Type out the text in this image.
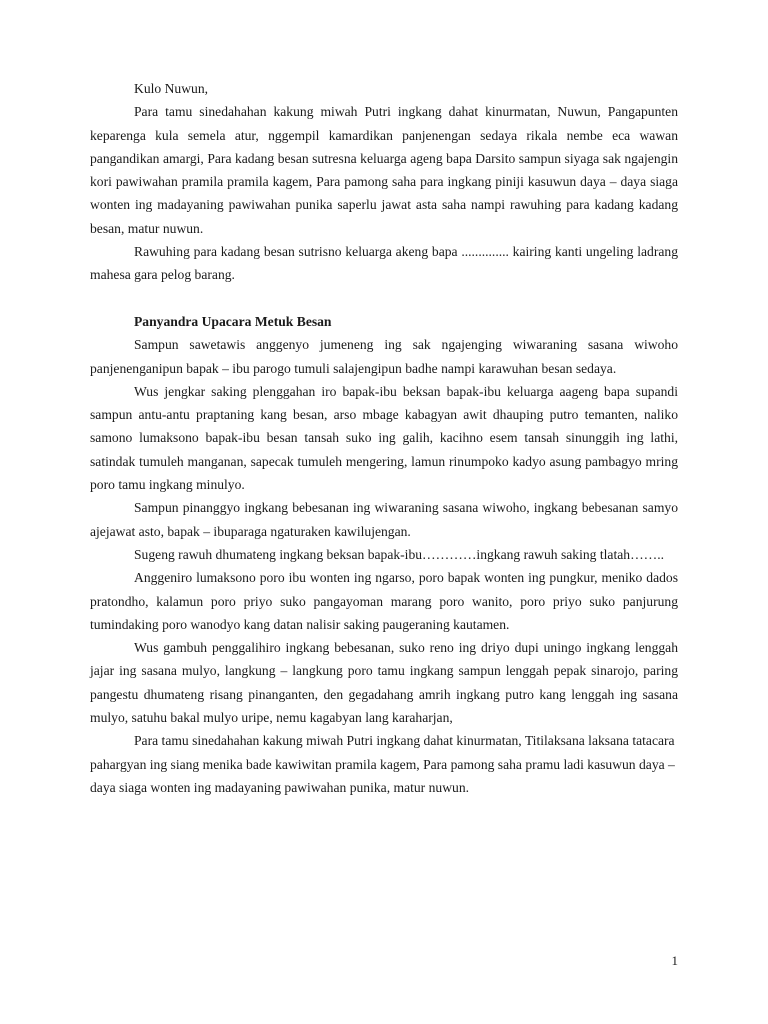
Kulo Nuwun,

Para tamu sinedahahan kakung miwah Putri ingkang dahat kinurmatan, Nuwun, Pangapunten keparenga kula semela atur, nggempil kamardikan panjenengan sedaya rikala nembe eca wawan pangandikan amargi, Para kadang besan sutresna keluarga ageng bapa Darsito sampun siyaga sak ngajengin kori pawiwahan pramila pramila kagem, Para pamong saha para ingkang piniji kasuwun daya – daya siaga wonten ing madayaning pawiwahan punika saperlu jawat asta saha nampi rawuhing para kadang kadang besan, matur nuwun.

Rawuhing para kadang besan sutrisno keluarga akeng bapa .............. kairing kanti ungeling ladrang mahesa gara pelog barang.

Panyandra Upacara Metuk Besan

Sampun sawetawis anggenyo jumeneng ing sak ngajenging wiwaraning sasana wiwoho panjenenganipun bapak – ibu parogo tumuli salajengipun badhe nampi karawuhan besan sedaya.

Wus jengkar saking plenggahan iro bapak-ibu beksan bapak-ibu keluarga aageng bapa supandi sampun antu-antu praptaning kang besan, arso mbage kabagyan awit dhauping putro temanten, naliko samono lumaksono bapak-ibu besan tansah suko ing galih, kacihno esem tansah sinunggih ing lathi, satindak tumuleh manganan, sapecak tumuleh mengering, lamun rinumpoko kadyo asung pambagyo mring poro tamu ingkang minulyo.

Sampun pinanggyo ingkang bebesanan ing wiwaraning sasana wiwoho, ingkang bebesanan samyo ajejawat asto, bapak – ibuparaga ngaturaken kawilujengan.

Sugeng rawuh dhumateng ingkang beksan bapak-ibu…………ingkang rawuh saking tlatah……..

Anggeniro lumaksono poro ibu wonten ing ngarso, poro bapak wonten ing pungkur, meniko dados pratondho, kalamun poro priyo suko pangayoman marang poro wanito, poro priyo suko panjurung tumindaking poro wanodyo kang datan nalisir saking paugeraning kautamen.

Wus gambuh penggalihiro ingkang bebesanan, suko reno ing driyo dupi uningo ingkang lenggah jajar ing sasana mulyo, langkung – langkung poro tamu ingkang sampun lenggah pepak sinarojo, paring pangestu dhumateng risang pinanganten, den gegadahang amrih ingkang putro kang lenggah ing sasana mulyo, satuhu bakal mulyo uripe, nemu kagabyan lang karaharjan,

Para tamu sinedahahan kakung miwah Putri ingkang dahat kinurmatan, Titilaksana laksana tatacara pahargyan ing siang menika bade kawiwitan pramila kagem, Para pamong saha pramu ladi kasuwun daya – daya siaga wonten ing madayaning pawiwahan punika, matur nuwun.

1
